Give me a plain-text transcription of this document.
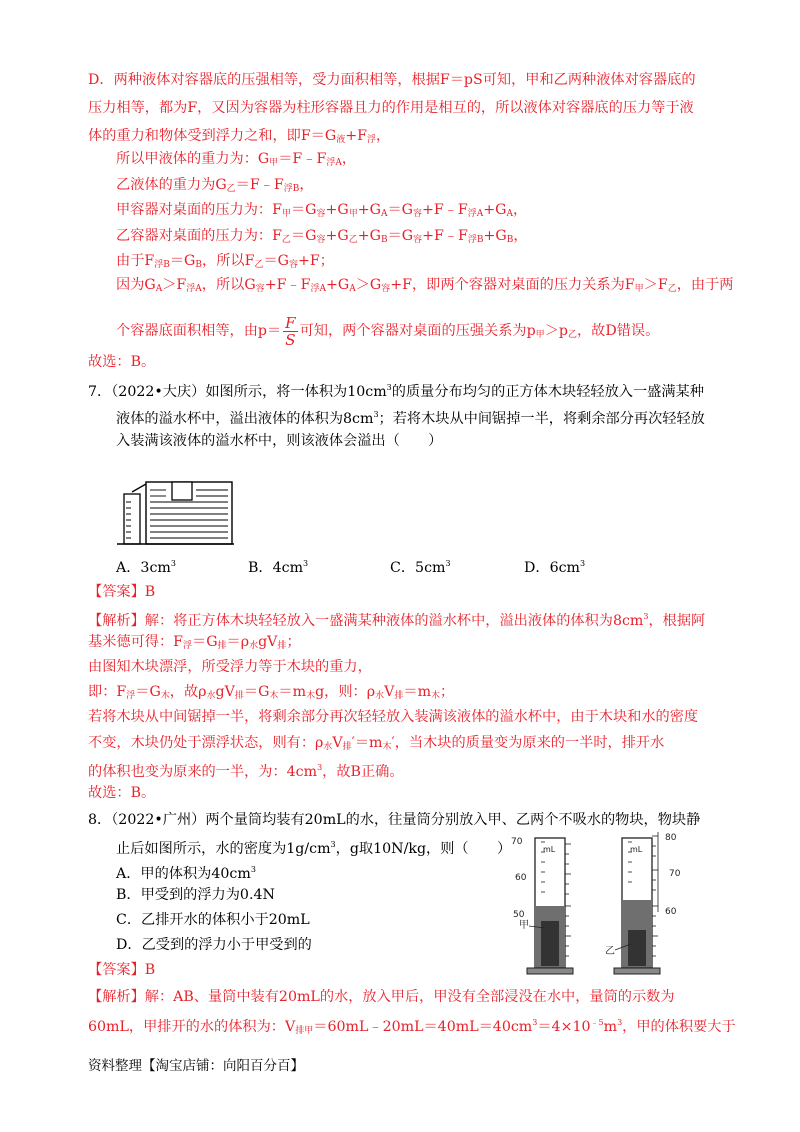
D．两种液体对容器底的压强相等，受力面积相等，根据F＝pS可知，甲和乙两种液体对容器底的
压力相等，都为F，又因为容器为柱形容器且力的作用是相互的，所以液体对容器底的压力等于液
体的重力和物体受到浮力之和，即$F=G_液+F_浮$，
所以甲液体的重力为：$G_甲=F﹣F_{浮A}$，
乙液体的重力为$G_乙=F﹣F_{浮B}$，
甲容器对桌面的压力为：$F_甲=G_容+G_甲+G_A=G_容+F﹣F_{浮A}+G_A$，
乙容器对桌面的压力为：$F_乙=G_容+G_乙+G_B=G_容+F﹣F_{浮B}+G_B$，
由于$F_{浮B}=G_B$，所以$F_乙=G_容+F$；
因为$G_A>F_{浮A}$，所以$G_容+F﹣F_{浮A}+G_A>G_容+F$，即两个容器对桌面的压力关系为$F_甲>F_乙$，由于两
个容器底面积相等，由$p= \frac{F}{S}$ 可知，两个容器对桌面的压强关系为$p_甲>p_乙$，故D错误。
故选：B。
7．（2022•大庆）如图所示，将一体积为$10cm^3$的质量分布均匀的正方体木块轻轻放入一盛满某种
液体的溢水杯中，溢出液体的体积为$8cm^3$；若将木块从中间锯掉一半，将剩余部分再次轻轻放
入装满该液体的溢水杯中，则该液体会溢出（　　）
A．$3cm^3$	B．$4cm^3$	C．$5cm^3$	D．$6cm^3$
【答案】B
【解析】解：将正方体木块轻轻放入一盛满某种液体的溢水杯中，溢出液体的体积为$8cm^3$，根据阿
基米德可得：$F_浮=G_排=\rho_水gV_排$；
由图知木块漂浮，所受浮力等于木块的重力，
即：$F_浮=G_木$，故$\rho_水gV_排=G_木=m_木g$，则：$\rho_水V_排=m_木$；
若将木块从中间锯掉一半，将剩余部分再次轻轻放入装满该液体的溢水杯中，由于木块和水的密度
不变，木块仍处于漂浮状态，则有：$\rho_水V_排'=m_木'$，当木块的质量变为原来的一半时，排开水
的体积也变为原来的一半，为：$4cm^3$，故B正确。
故选：B。
8．（2022•广州）两个量筒均装有20mL的水，往量筒分别放入甲、乙两个不吸水的物块，物块静
止后如图所示，水的密度为$1g/cm^3$，g取10N/kg，则（　　）
A．甲的体积为$40cm^3$
B．甲受到的浮力为0.4N
C．乙排开水的体积小于20mL
D．乙受到的浮力小于甲受到的
mL
70
60
50
甲
mL
80
70
60
乙
【答案】B
【解析】解：AB、量筒中装有20mL的水，放入甲后，甲没有全部浸没在水中，量筒的示数为
60mL，甲排开的水的体积为：$V_{排甲}=60mL﹣20mL=40mL=40cm^3=4\times 10^{﹣5}m^3$，甲的体积要大于
资料整理【淘宝店铺：向阳百分百】
